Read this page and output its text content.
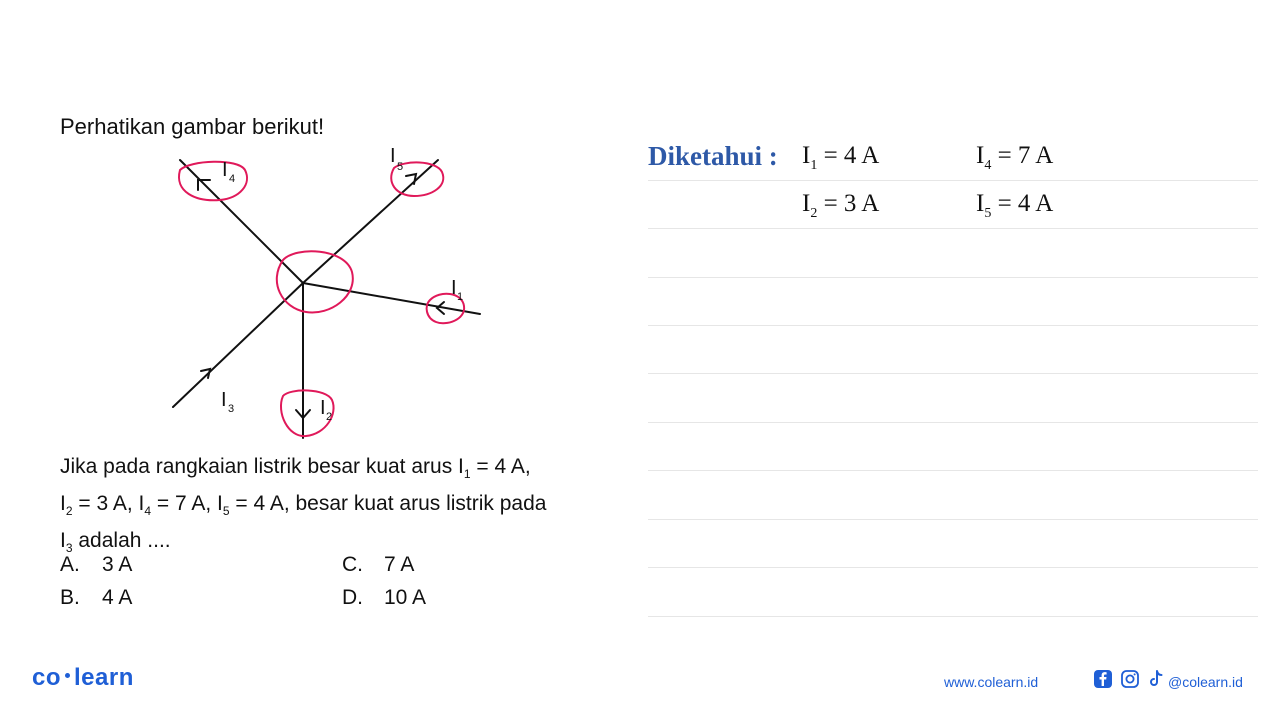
Perhatikan gambar berikut!
I 4
I 5
I 1
I 3	I 2
Jika pada rangkaian listrik besar kuat arus $I_1 = 4$ A,
$I_2 = 3$ A, $I_4 = 7$ A, $I_5 = 4$ A, besar kuat arus listrik pada
$I_3$ adalah ....
A. 3 A
B. 4 A
C. 7 A
D. 10 A
Diketahui : $I_1 = 4$ A	$I_4 = 7$ A
$I_2 = 3$ A	$I_5 = 4$ A
co learn	www.colearn.id	@colearn.id
